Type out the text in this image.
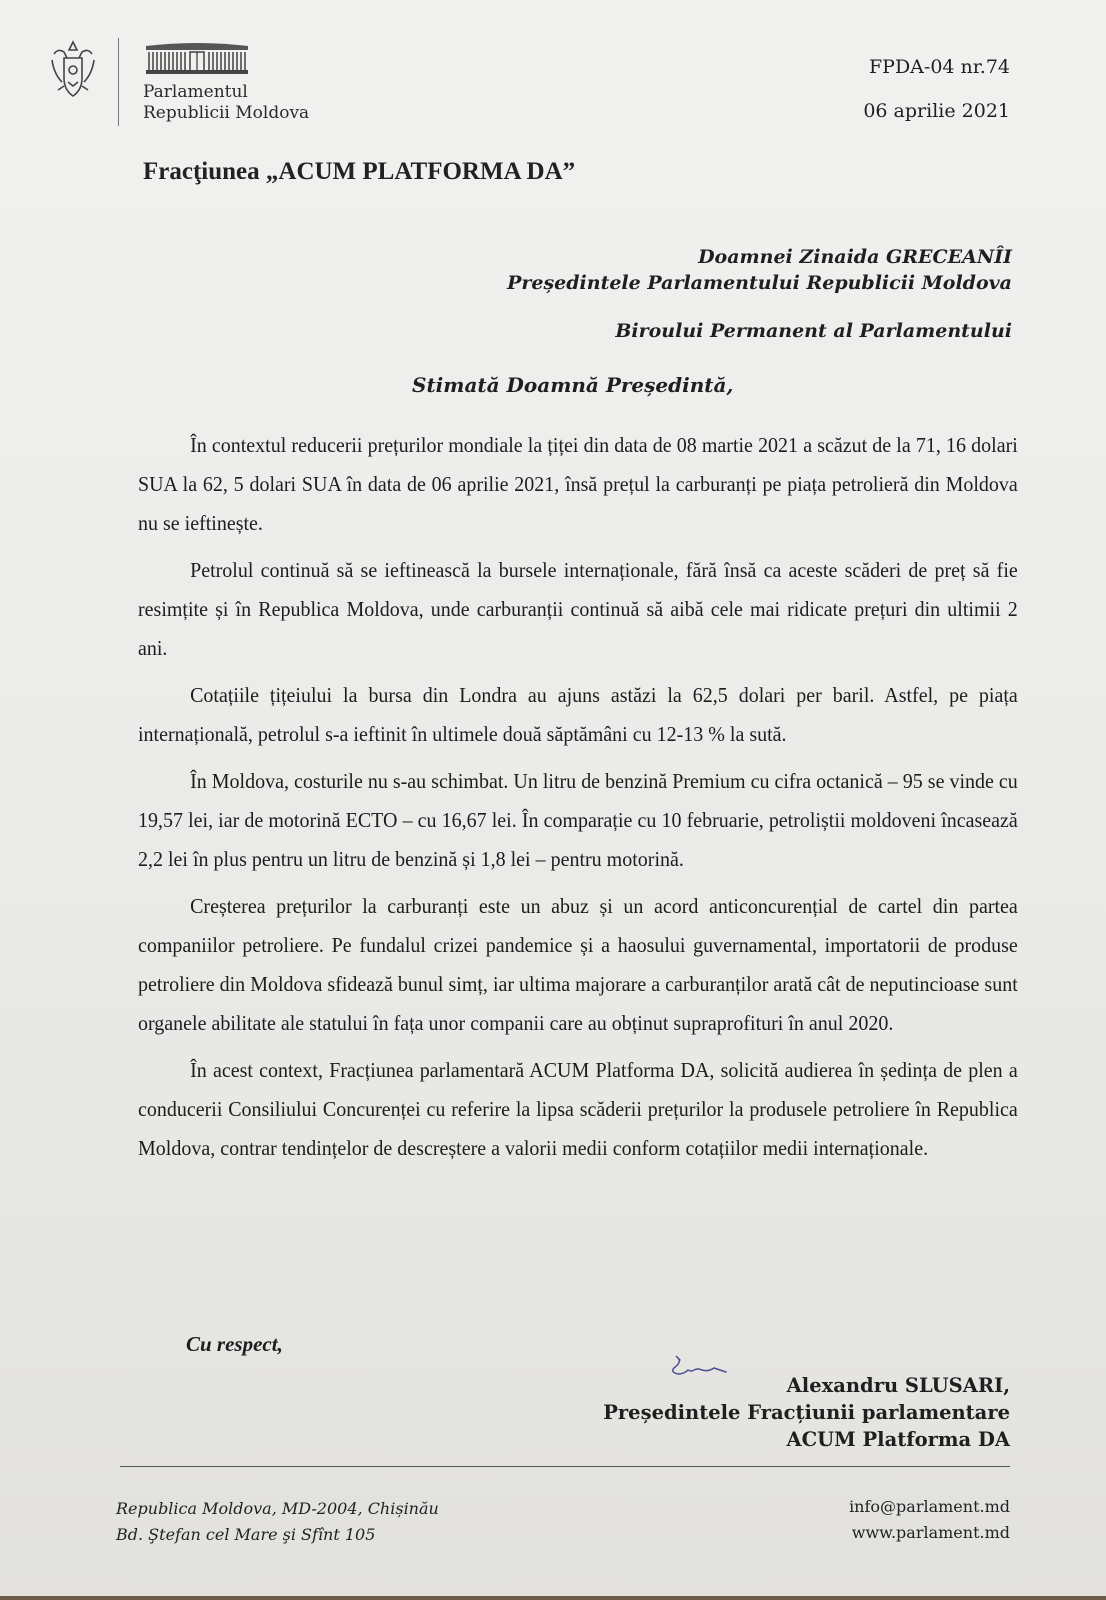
Parlamentul
Republicii Moldova
FPDA-04 nr.74
06 aprilie 2021
Fracţiunea „ACUM PLATFORMA DA”
Doamnei Zinaida GRECEANÎI
Președintele Parlamentului Republicii Moldova
Biroului Permanent al Parlamentului
Stimată Doamnă Președintă,

În contextul reducerii prețurilor mondiale la țiței din data de 08 martie 2021 a scăzut de la 71, 16 dolari SUA la 62, 5 dolari SUA în data de 06 aprilie 2021, însă prețul la carburanți pe piața petrolieră din Moldova nu se ieftinește.

Petrolul continuă să se ieftinească la bursele internaționale, fără însă ca aceste scăderi de preț să fie resimțite și în Republica Moldova, unde carburanții continuă să aibă cele mai ridicate prețuri din ultimii 2 ani.

Cotațiile țițeiului la bursa din Londra au ajuns astăzi la 62,5 dolari per baril. Astfel, pe piața internațională, petrolul s-a ieftinit în ultimele două săptămâni cu 12-13 % la sută.

În Moldova, costurile nu s-au schimbat. Un litru de benzină Premium cu cifra octanică – 95 se vinde cu 19,57 lei, iar de motorină ECTO – cu 16,67 lei. În comparație cu 10 februarie, petroliștii moldoveni încasează 2,2 lei în plus pentru un litru de benzină și 1,8 lei – pentru motorină.

Creșterea prețurilor la carburanți este un abuz și un acord anticoncurențial de cartel din partea companiilor petroliere. Pe fundalul crizei pandemice și a haosului guvernamental, importatorii de produse petroliere din Moldova sfidează bunul simț, iar ultima majorare a carburanților arată cât de neputincioase sunt organele abilitate ale statului în fața unor companii care au obținut supraprofituri în anul 2020.

În acest context, Fracțiunea parlamentară ACUM Platforma DA, solicită audierea în ședința de plen a conducerii Consiliului Concurenței cu referire la lipsa scăderii prețurilor la produsele petroliere în Republica Moldova, contrar tendințelor de descreștere a valorii medii conform cotațiilor medii internaționale.

Cu respect,
Alexandru SLUSARI,
Președintele Fracțiunii parlamentare
ACUM Platforma DA
Republica Moldova, MD-2004, Chișinău
Bd. Ştefan cel Mare şi Sfînt 105
info@parlament.md
www.parlament.md
